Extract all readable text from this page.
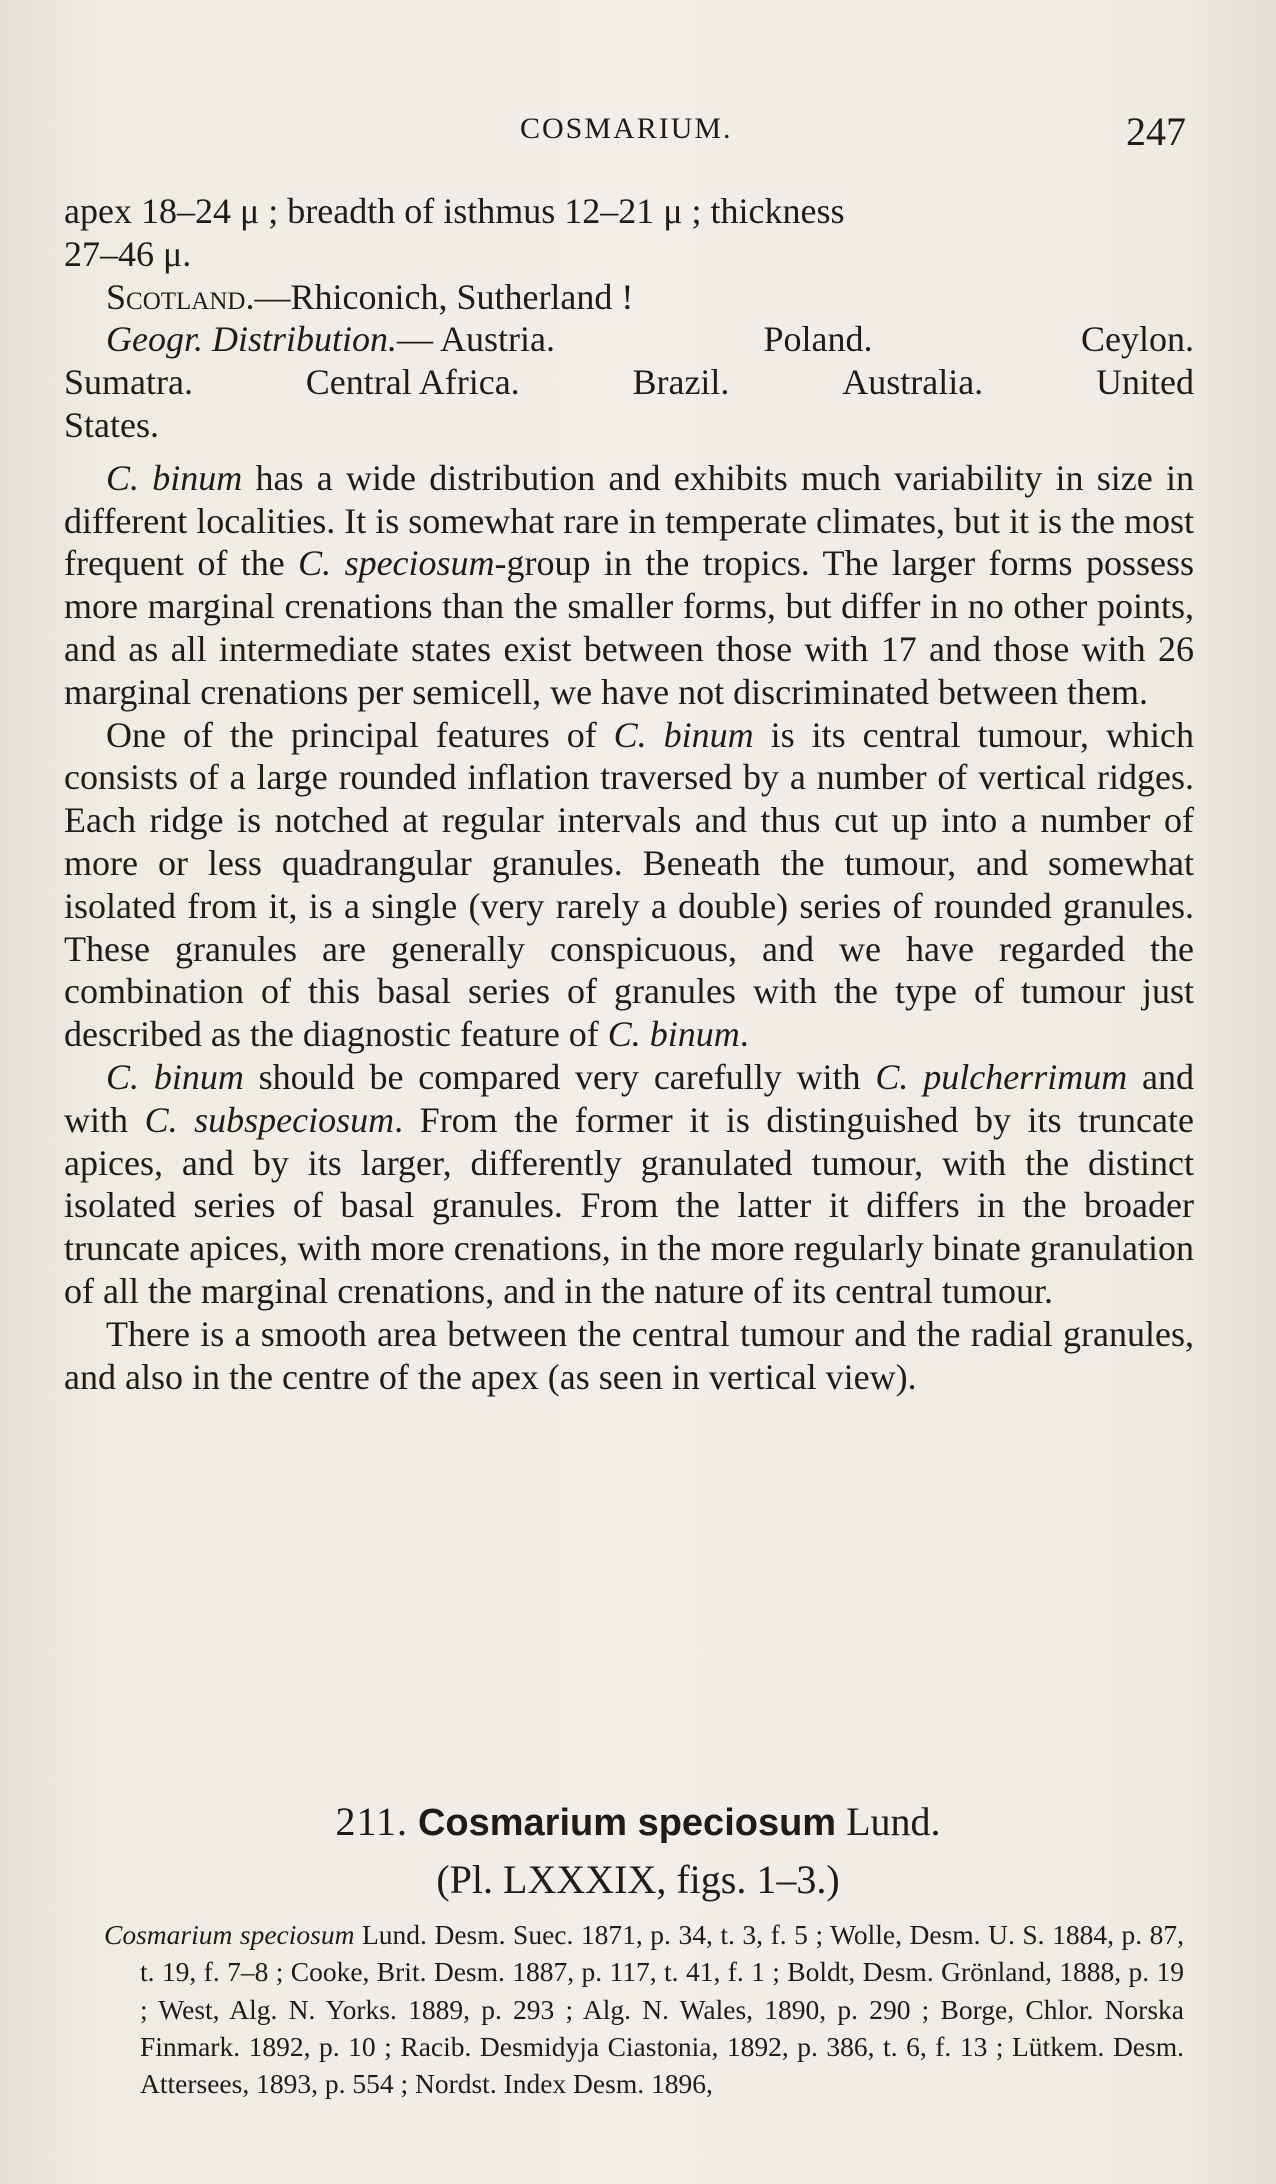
COSMARIUM.	247

apex 18–24 μ ; breadth of isthmus 12–21 μ ; thickness

27–46 μ.

Scotland.—Rhiconich, Sutherland !

Geogr. Distribution.— Austria.	Poland.	Ceylon.
Sumatra.	Central Africa.	Brazil.	Australia.	United

States.

C. binum has a wide distribution and exhibits much variability in size in different localities. It is somewhat rare in temperate climates, but it is the most frequent of the C. speciosum-group in the tropics. The larger forms possess more marginal crenations than the smaller forms, but differ in no other points, and as all intermediate states exist between those with 17 and those with 26 marginal crenations per semicell, we have not discriminated between them.

One of the principal features of C. binum is its central tumour, which consists of a large rounded inflation traversed by a number of vertical ridges. Each ridge is notched at regular intervals and thus cut up into a number of more or less quadrangular granules. Beneath the tumour, and somewhat isolated from it, is a single (very rarely a double) series of rounded granules. These granules are generally conspicuous, and we have regarded the combination of this basal series of granules with the type of tumour just described as the diagnostic feature of C. binum.

C. binum should be compared very carefully with C. pulcherrimum and with C. subspeciosum. From the former it is distinguished by its truncate apices, and by its larger, differently granulated tumour, with the distinct isolated series of basal granules. From the latter it differs in the broader truncate apices, with more crenations, in the more regularly binate granulation of all the marginal crenations, and in the nature of its central tumour.

There is a smooth area between the central tumour and the radial granules, and also in the centre of the apex (as seen in vertical view).

211. Cosmarium speciosum Lund.
(Pl. LXXXIX, figs. 1–3.)
Cosmarium speciosum Lund. Desm. Suec. 1871, p. 34, t. 3, f. 5 ; Wolle, Desm. U. S. 1884, p. 87, t. 19, f. 7–8 ; Cooke, Brit. Desm. 1887, p. 117, t. 41, f. 1 ; Boldt, Desm. Grönland, 1888, p. 19 ; West, Alg. N. Yorks. 1889, p. 293 ; Alg. N. Wales, 1890, p. 290 ; Borge, Chlor. Norska Finmark. 1892, p. 10 ; Racib. Desmidyja Ciastonia, 1892, p. 386, t. 6, f. 13 ; Lütkem. Desm. Attersees, 1893, p. 554 ; Nordst. Index Desm. 1896,
